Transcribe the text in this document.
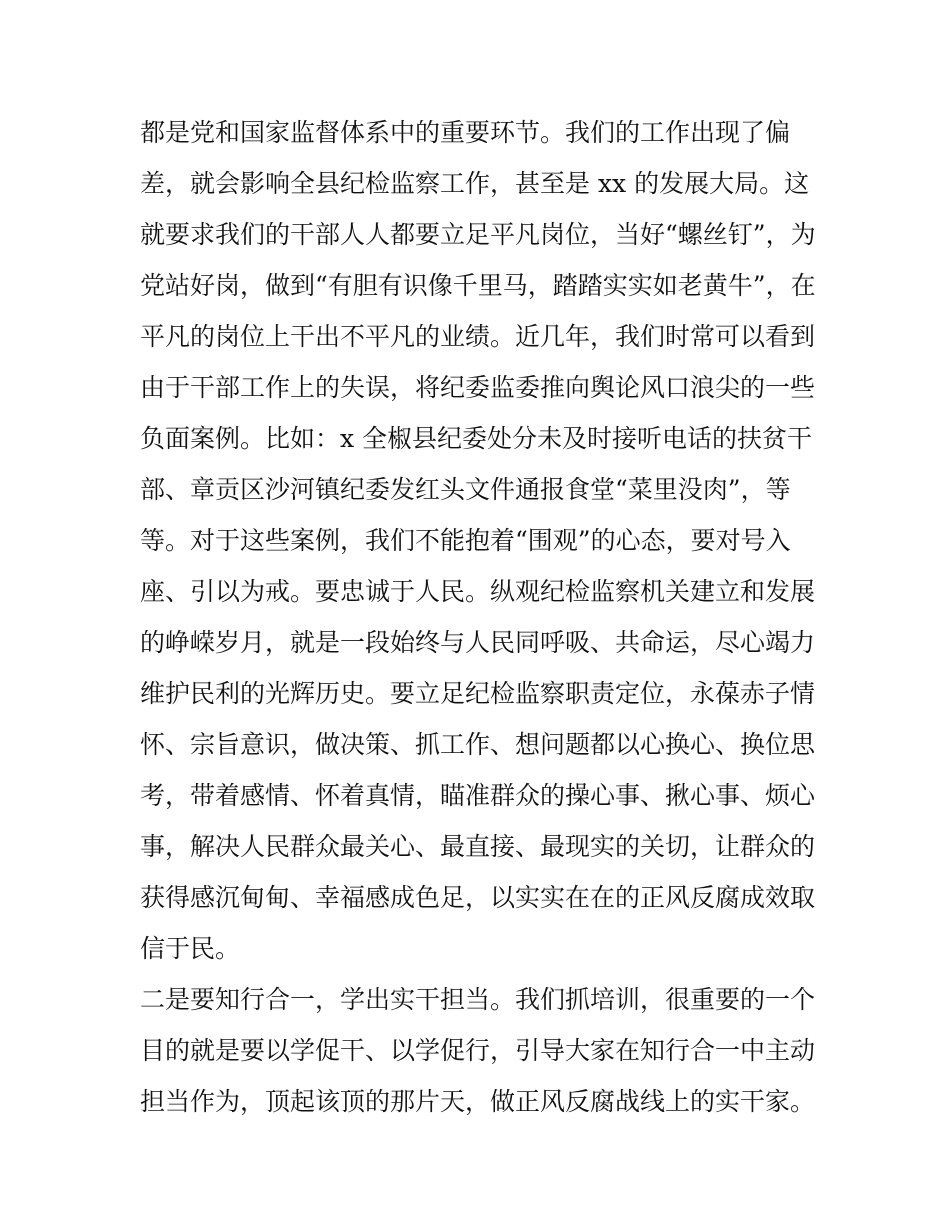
都是党和国家监督体系中的重要环节。我们的工作出现了偏
差，就会影响全县纪检监察工作，甚至是 xx 的发展大局。这
就要求我们的干部人人都要立足平凡岗位，当好“螺丝钉”，为
党站好岗，做到“有胆有识像千里马，踏踏实实如老黄牛”，在
平凡的岗位上干出不平凡的业绩。近几年，我们时常可以看到
由于干部工作上的失误，将纪委监委推向舆论风口浪尖的一些
负面案例。比如：x 全椒县纪委处分未及时接听电话的扶贫干
部、章贡区沙河镇纪委发红头文件通报食堂“菜里没肉”，等
等。对于这些案例，我们不能抱着“围观”的心态，要对号入
座、引以为戒。要忠诚于人民。纵观纪检监察机关建立和发展
的峥嵘岁月，就是一段始终与人民同呼吸、共命运，尽心竭力
维护民利的光辉历史。要立足纪检监察职责定位，永葆赤子情
怀、宗旨意识，做决策、抓工作、想问题都以心换心、换位思
考，带着感情、怀着真情，瞄准群众的操心事、揪心事、烦心
事，解决人民群众最关心、最直接、最现实的关切，让群众的
获得感沉甸甸、幸福感成色足，以实实在在的正风反腐成效取
信于民。
二是要知行合一，学出实干担当。我们抓培训，很重要的一个
目的就是要以学促干、以学促行，引导大家在知行合一中主动
担当作为，顶起该顶的那片天，做正风反腐战线上的实干家。
